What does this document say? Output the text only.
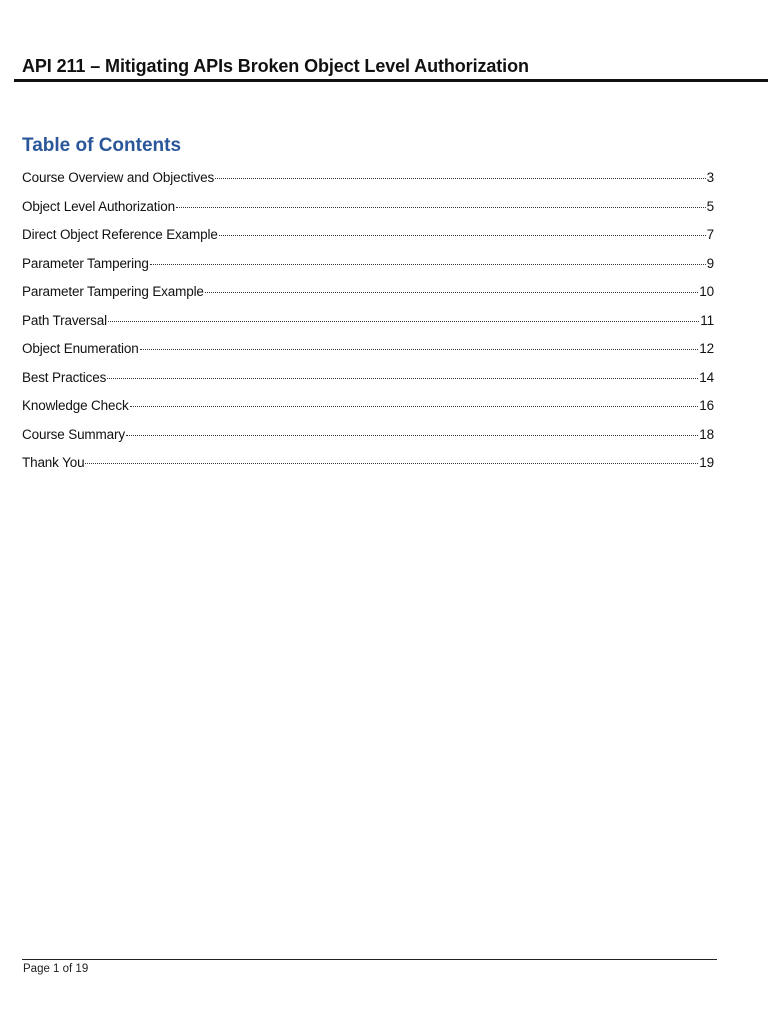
API 211 – Mitigating APIs Broken Object Level Authorization
Table of Contents
Course Overview and Objectives	3
Object Level Authorization	5
Direct Object Reference Example	7
Parameter Tampering	9
Parameter Tampering Example	10
Path Traversal	11
Object Enumeration	12
Best Practices	14
Knowledge Check	16
Course Summary	18
Thank You	19
Page 1 of 19
